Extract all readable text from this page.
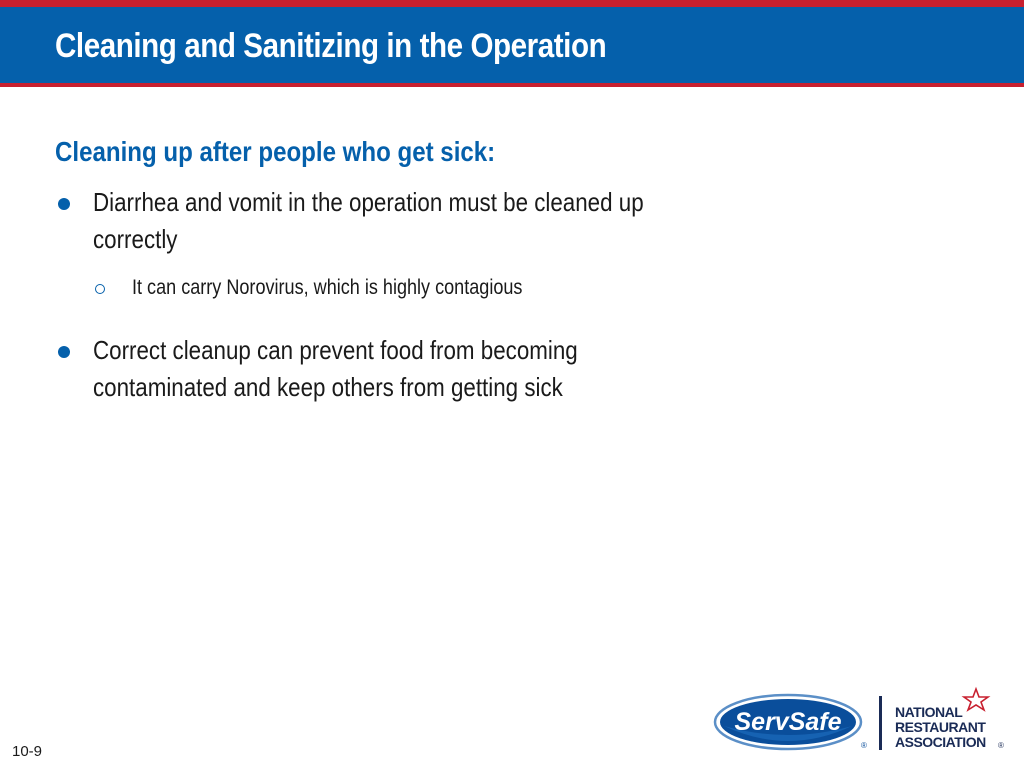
Cleaning and Sanitizing in the Operation
Cleaning up after people who get sick:
Diarrhea and vomit in the operation must be cleaned up correctly
It can carry Norovirus, which is highly contagious
Correct cleanup can prevent food from becoming contaminated and keep others from getting sick
10-9
ServSafe
®
NATIONAL
RESTAURANT
ASSOCIATION ®
